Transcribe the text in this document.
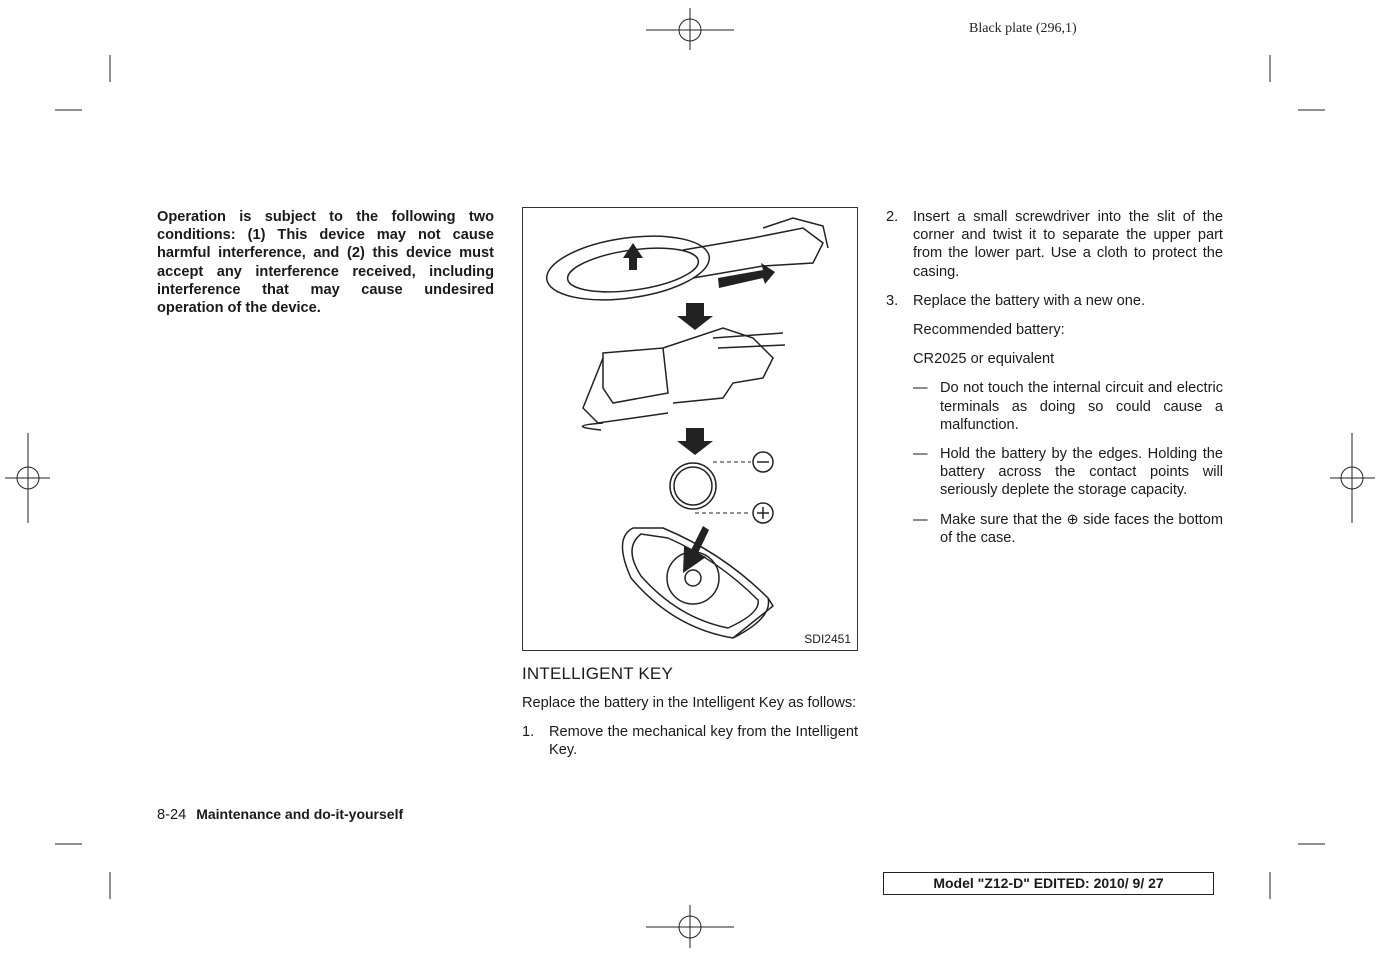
Black plate (296,1)
Operation is subject to the following two conditions: (1) This device may not cause harmful interference, and (2) this device must accept any interference received, including interference that may cause undesired operation of the device.
SDI2451
INTELLIGENT KEY

Replace the battery in the Intelligent Key as follows:

1.	Remove the mechanical key from the Intelligent Key.
2.	Insert a small screwdriver into the slit of the corner and twist it to separate the upper part from the lower part. Use a cloth to protect the casing.
3.	Replace the battery with a new one.

Recommended battery:

CR2025 or equivalent

— Do not touch the internal circuit and electric terminals as doing so could cause a malfunction.
— Hold the battery by the edges. Holding the battery across the contact points will seriously deplete the storage capacity.
— Make sure that the ⊕ side faces the bottom of the case.
8-24 Maintenance and do-it-yourself
Model "Z12-D" EDITED: 2010/ 9/ 27
